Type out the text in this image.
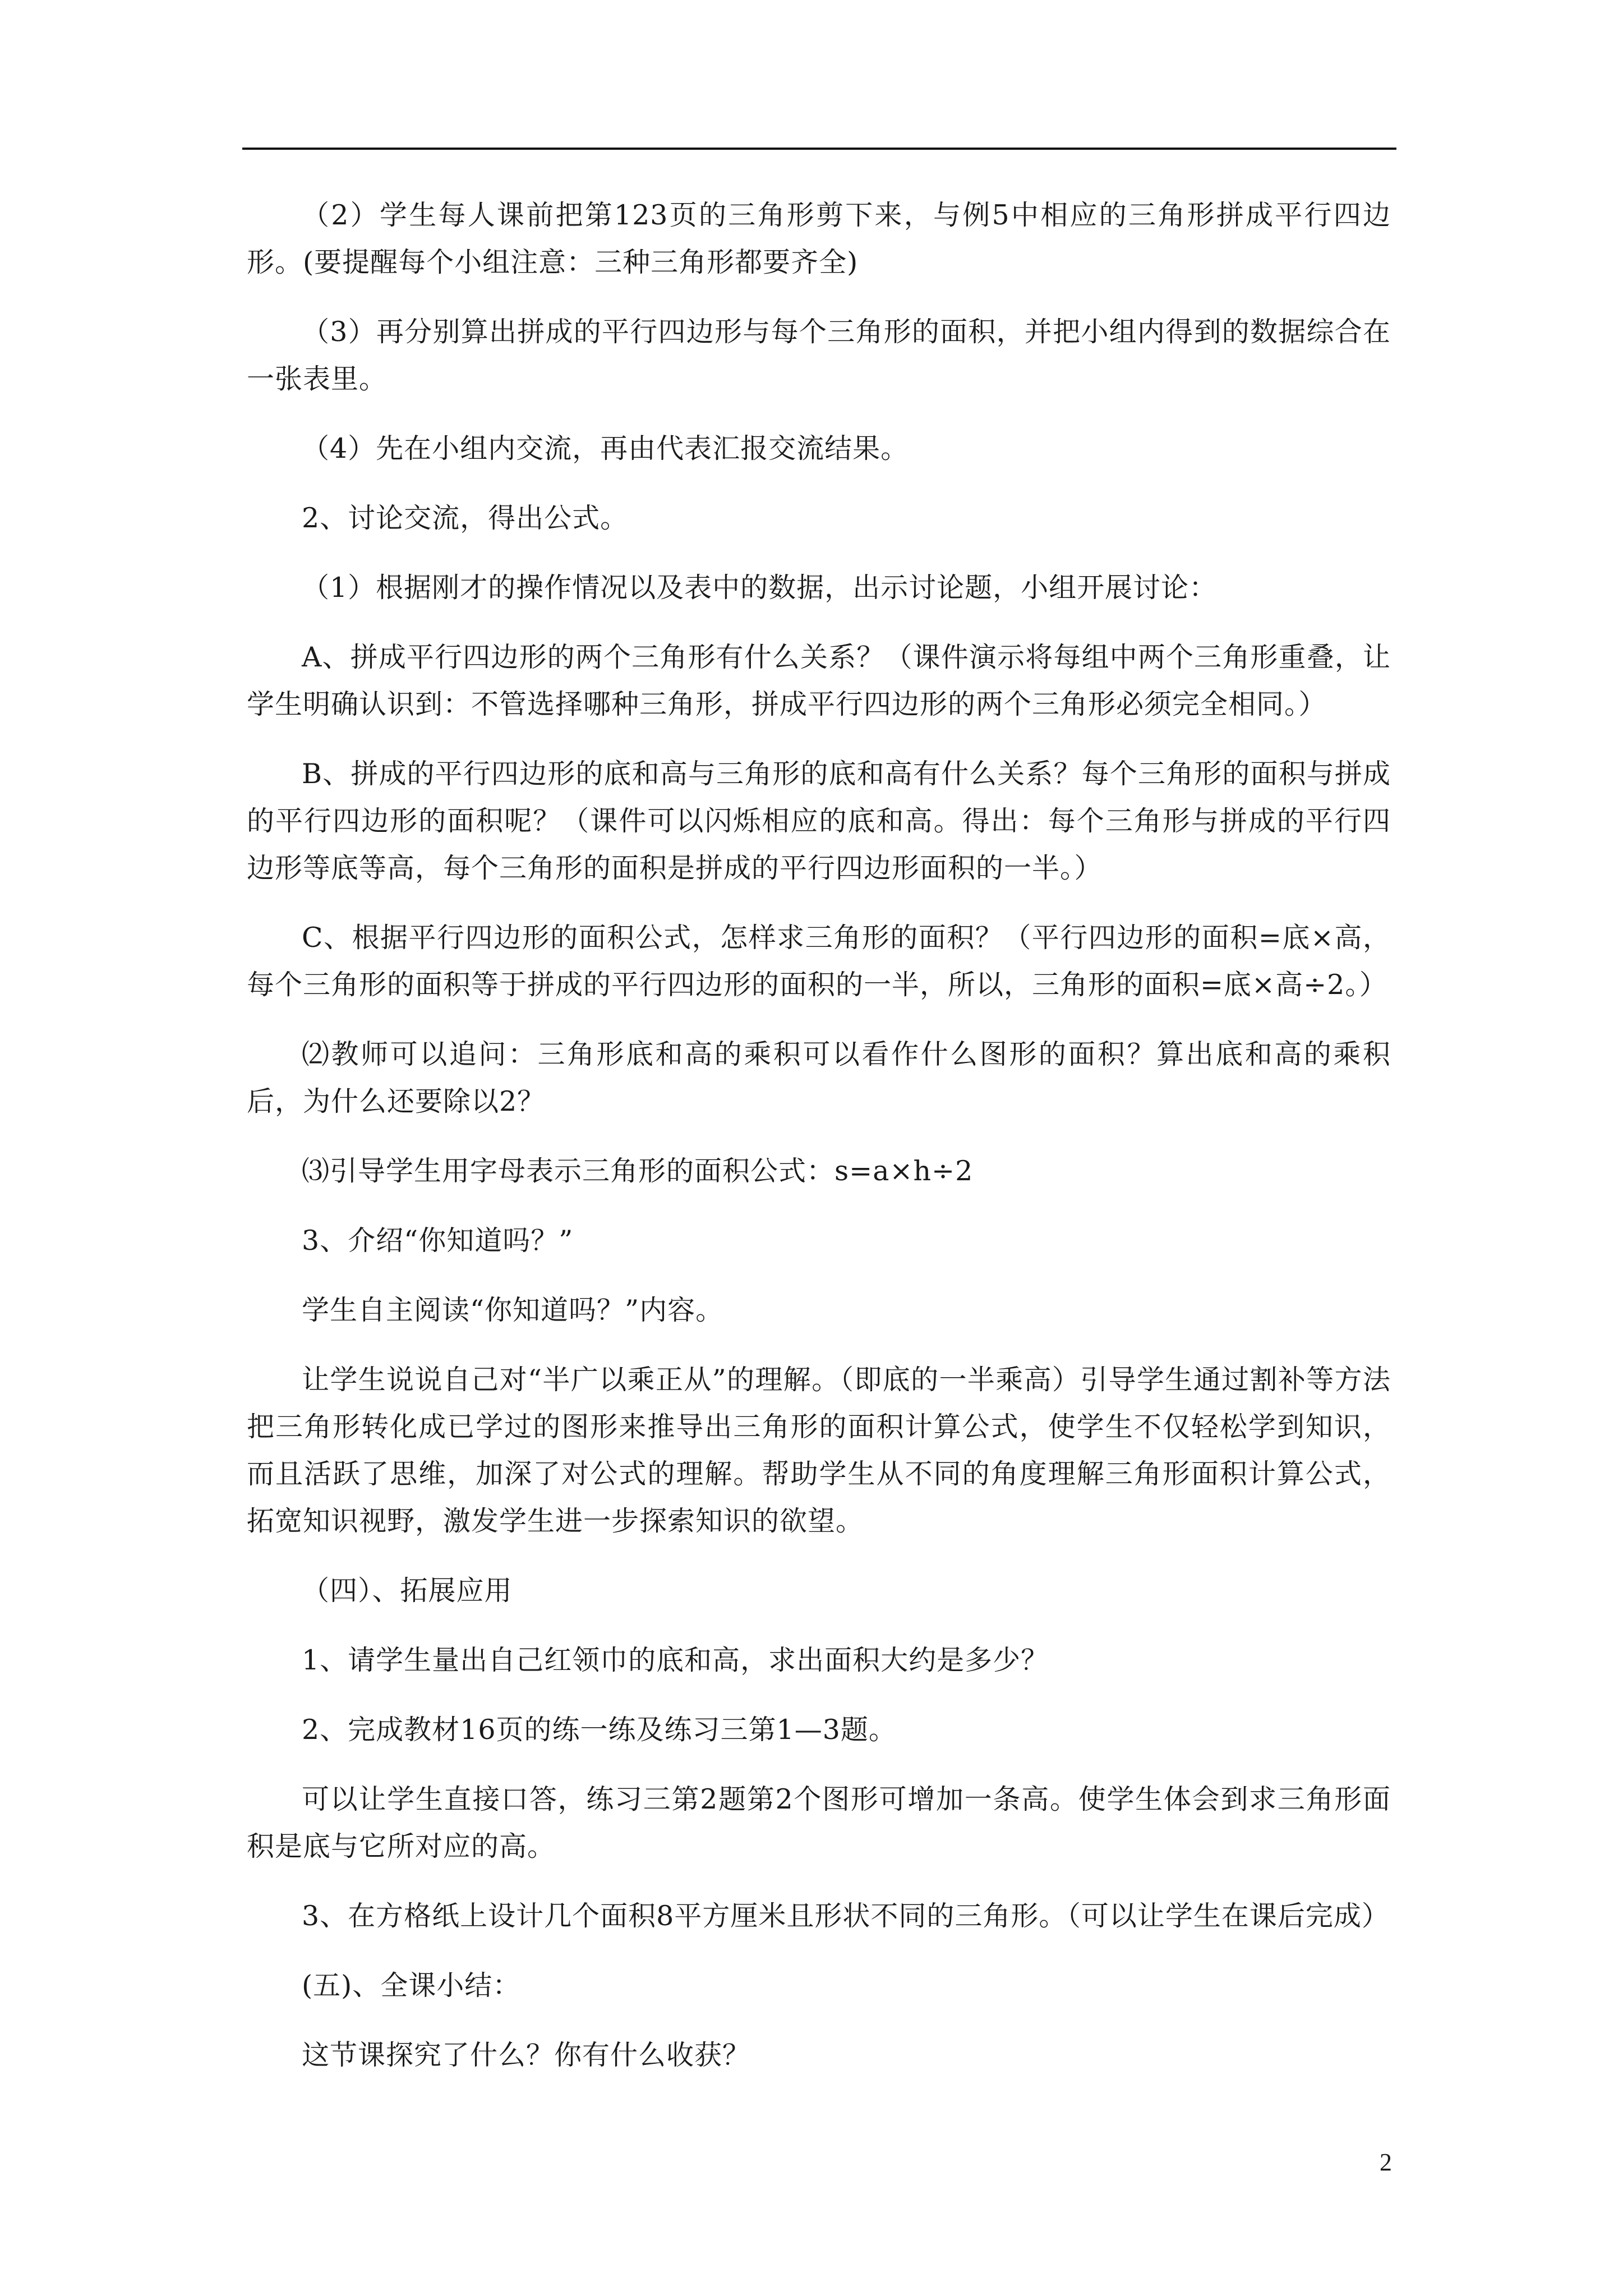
（2）学生每人课前把第123页的三角形剪下来，与例5中相应的三角形拼成平行四边形。(要提醒每个小组注意：三种三角形都要齐全)

（3）再分别算出拼成的平行四边形与每个三角形的面积，并把小组内得到的数据综合在一张表里。

（4）先在小组内交流，再由代表汇报交流结果。

2、讨论交流，得出公式。

（1）根据刚才的操作情况以及表中的数据，出示讨论题，小组开展讨论：

A、拼成平行四边形的两个三角形有什么关系？（课件演示将每组中两个三角形重叠，让学生明确认识到：不管选择哪种三角形，拼成平行四边形的两个三角形必须完全相同。）

B、拼成的平行四边形的底和高与三角形的底和高有什么关系？每个三角形的面积与拼成的平行四边形的面积呢？（课件可以闪烁相应的底和高。得出：每个三角形与拼成的平行四边形等底等高，每个三角形的面积是拼成的平行四边形面积的一半。）

C、根据平行四边形的面积公式，怎样求三角形的面积？（平行四边形的面积=底×高，每个三角形的面积等于拼成的平行四边形的面积的一半，所以，三角形的面积=底×高÷2。）

⑵教师可以追问：三角形底和高的乘积可以看作什么图形的面积？算出底和高的乘积后，为什么还要除以2？

⑶引导学生用字母表示三角形的面积公式：s=a×h÷2

3、介绍“你知道吗？”

学生自主阅读“你知道吗？”内容。

让学生说说自己对“半广以乘正从”的理解。（即底的一半乘高）引导学生通过割补等方法把三角形转化成已学过的图形来推导出三角形的面积计算公式，使学生不仅轻松学到知识，而且活跃了思维，加深了对公式的理解。帮助学生从不同的角度理解三角形面积计算公式，拓宽知识视野，激发学生进一步探索知识的欲望。

（四）、拓展应用

1、请学生量出自己红领巾的底和高，求出面积大约是多少？

2、完成教材16页的练一练及练习三第1—3题。

可以让学生直接口答，练习三第2题第2个图形可增加一条高。使学生体会到求三角形面积是底与它所对应的高。

3、在方格纸上设计几个面积8平方厘米且形状不同的三角形。（可以让学生在课后完成）

(五)、全课小结：

这节课探究了什么？你有什么收获？

2
